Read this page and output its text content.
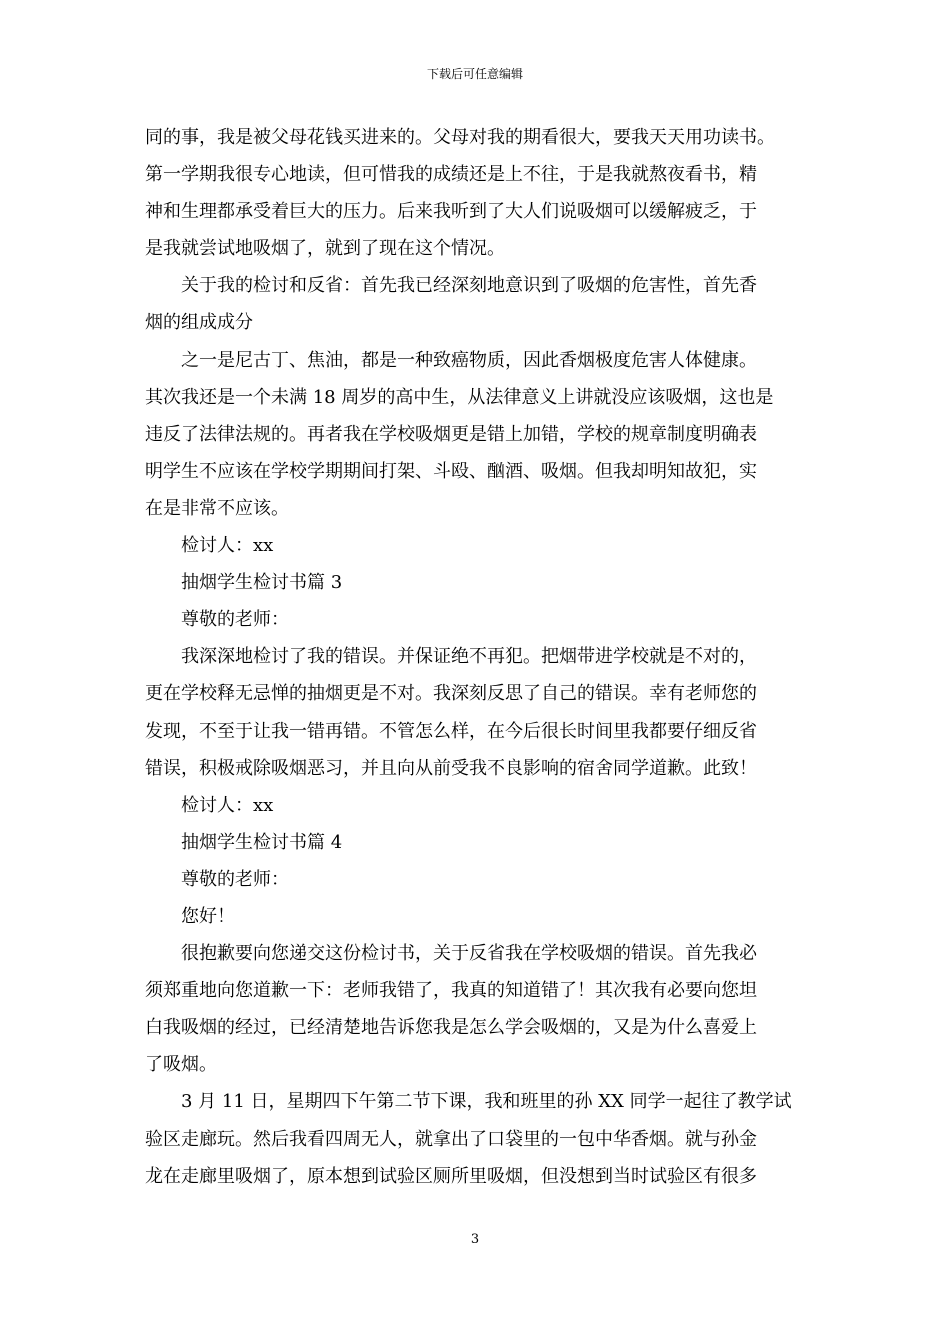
下载后可任意编辑
同的事，我是被父母花钱买进来的。父母对我的期看很大，要我天天用功读书。
第一学期我很专心地读，但可惜我的成绩还是上不往，于是我就熬夜看书，精
神和生理都承受着巨大的压力。后来我听到了大人们说吸烟可以缓解疲乏，于
是我就尝试地吸烟了，就到了现在这个情况。
关于我的检讨和反省：首先我已经深刻地意识到了吸烟的危害性，首先香
烟的组成成分
之一是尼古丁、焦油，都是一种致癌物质，因此香烟极度危害人体健康。
其次我还是一个未满 18 周岁的高中生，从法律意义上讲就没应该吸烟，这也是
违反了法律法规的。再者我在学校吸烟更是错上加错，学校的规章制度明确表
明学生不应该在学校学期期间打架、斗殴、酗酒、吸烟。但我却明知故犯，实
在是非常不应该。
检讨人：xx
抽烟学生检讨书篇 3
尊敬的老师：
我深深地检讨了我的错误。并保证绝不再犯。把烟带进学校就是不对的，
更在学校释无忌惮的抽烟更是不对。我深刻反思了自己的错误。幸有老师您的
发现，不至于让我一错再错。不管怎么样，在今后很长时间里我都要仔细反省
错误，积极戒除吸烟恶习，并且向从前受我不良影响的宿舍同学道歉。此致！
检讨人：xx
抽烟学生检讨书篇 4
尊敬的老师：
您好！
很抱歉要向您递交这份检讨书，关于反省我在学校吸烟的错误。首先我必
须郑重地向您道歉一下：老师我错了，我真的知道错了！其次我有必要向您坦
白我吸烟的经过，已经清楚地告诉您我是怎么学会吸烟的，又是为什么喜爱上
了吸烟。
3 月 11 日，星期四下午第二节下课，我和班里的孙 XX 同学一起往了教学试
验区走廊玩。然后我看四周无人，就拿出了口袋里的一包中华香烟。就与孙金
龙在走廊里吸烟了，原本想到试验区厕所里吸烟，但没想到当时试验区有很多
3
